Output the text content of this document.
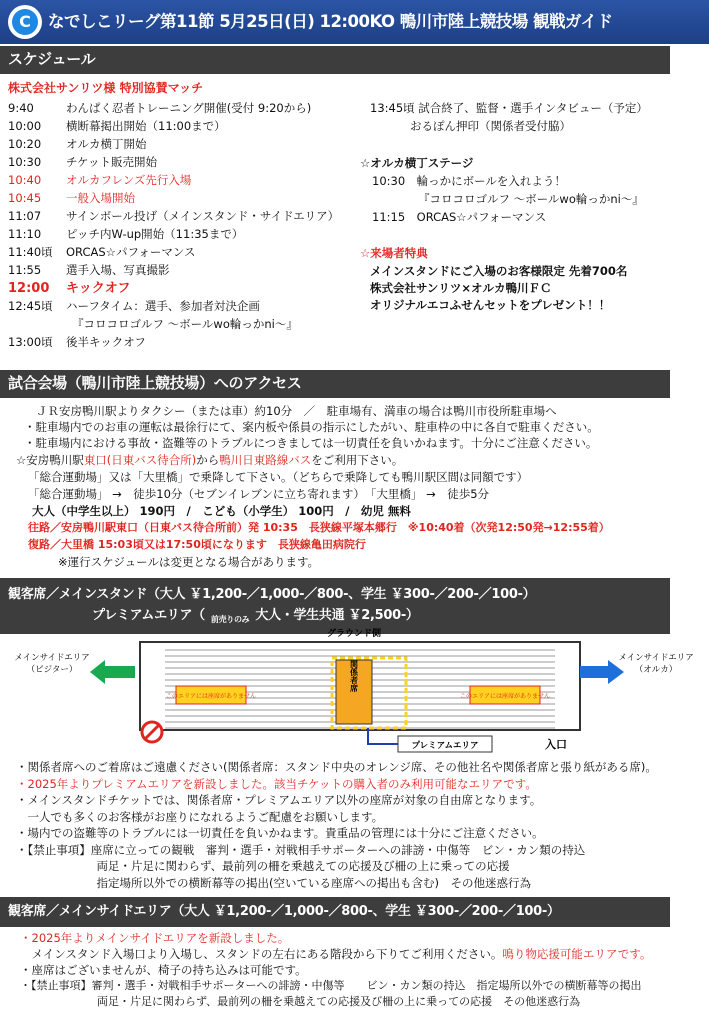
C	なでしこリーグ第11節 5月25日(日) 12:00KO 鴨川市陸上競技場 観戦ガイド
スケジュール
株式会社サンリツ様 特別協賛マッチ
9:40	わんぱく忍者トレーニング開催(受付 9:20から)
10:00 横断幕掲出開始（11:00まで）
10:20 オルカ横丁開始
10:30 チケット販売開始
10:40 オルカフレンズ先行入場
10:45 一般入場開始
11:07 サインボール投げ（メインスタンド・サイドエリア）
11:10 ピッチ内W-up開始（11:35まで）
11:40頃 ORCAS☆パフォーマンス
11:55 選手入場、写真撮影
12:00 キックオフ
12:45頃 ハーフタイム：選手、参加者対決企画
『コロコロゴルフ ～ボールwo輪っかni～』
13:00頃 後半キックオフ
13:45頃 試合終了、監督・選手インタビュー（予定）
おるぽん押印（関係者受付脇）
☆オルカ横丁ステージ
10:30　輪っかにボールを入れよう！
『コロコロゴルフ ～ボールwo輪っかni～』
11:15　ORCAS☆パフォーマンス
☆来場者特典
メインスタンドにご入場のお客様限定 先着700名
株式会社サンリツ×オルカ鴨川ＦＣ
オリジナルエコふせんセットをプレゼント！！
試合会場（鴨川市陸上競技場）へのアクセス
ＪＲ安房鴨川駅よりタクシー（または車）約10分　／　駐車場有、満車の場合は鴨川市役所駐車場へ
・駐車場内でのお車の運転は最徐行にて、案内板や係員の指示にしたがい、駐車枠の中に各自で駐車ください。
・駐車場内における事故・盗難等のトラブルにつきましては一切責任を負いかねます。十分にご注意ください。
☆安房鴨川駅東口(日東バス待合所)から鴨川日東路線バスをご利用下さい。
「総合運動場」又は「大里橋」で乗降して下さい。（どちらで乗降しても鴨川駅区間は同額です）
「総合運動場」 →　徒歩10分（セブンイレブンに立ち寄れます）　「大里橋」 →　徒歩5分
大人（中学生以上） 190円　/　こども（小学生） 100円　/　幼児 無料
往路／安房鴨川駅東口（日東バス待合所前）発 10:35　長狭線平塚本郷行　※10:40着（次発12:50発→12:55着）
復路／大里橋 15:03頃又は17:50頃になります　長狭線亀田病院行
※運行スケジュールは変更となる場合があります。
観客席／メインスタンド（大人 ￥1,200-／1,000-／800-、学生 ￥300-／200-／100-）
プレミアムエリア（ 前売りのみ 大人・学生共通 ￥2,500-）
グラウンド側
関係者席
このエリアには座席がありません	このエリアには座席がありません
メインサイドエリア
（ビジター）
メインサイドエリア
（オルカ）
プレミアムエリア	入口
・関係者席へのご着席はご遠慮ください(関係者席：スタンド中央のオレンジ席、その他社名や関係者席と張り紙がある席)。
・2025年よりプレミアムエリアを新設しました。該当チケットの購入者のみ利用可能なエリアです。
・メインスタンドチケットでは、関係者席・プレミアムエリア以外の座席が対象の自由席となります。
　一人でも多くのお客様がお座りになれるようご配慮をお願いします。
・場内での盗難等のトラブルには一切責任を負いかねます。貴重品の管理には十分にご注意ください。
・【禁止事項】座席に立っての観戦　審判・選手・対戦相手サポーターへの誹謗・中傷等　ビン・カン類の持込
　　　　　　　両足・片足に関わらず、最前列の柵を乗越えての応援及び柵の上に乗っての応援
　　　　　　　指定場所以外での横断幕等の掲出(空いている座席への掲出も含む)　その他迷惑行為
観客席／メインサイドエリア（大人 ￥1,200-／1,000-／800-、学生 ￥300-／200-／100-）
・2025年よりメインサイドエリアを新設しました。
　メインスタンド入場口より入場し、スタンドの左右にある階段から下りてご利用ください。鳴り物応援可能エリアです。
・座席はございませんが、椅子の持ち込みは可能です。
・【禁止事項】審判・選手・対戦相手サポーターへの誹謗・中傷等　　ビン・カン類の持込　指定場所以外での横断幕等の掲出
　　　　　　　両足・片足に関わらず、最前列の柵を乗越えての応援及び柵の上に乗っての応援　その他迷惑行為
